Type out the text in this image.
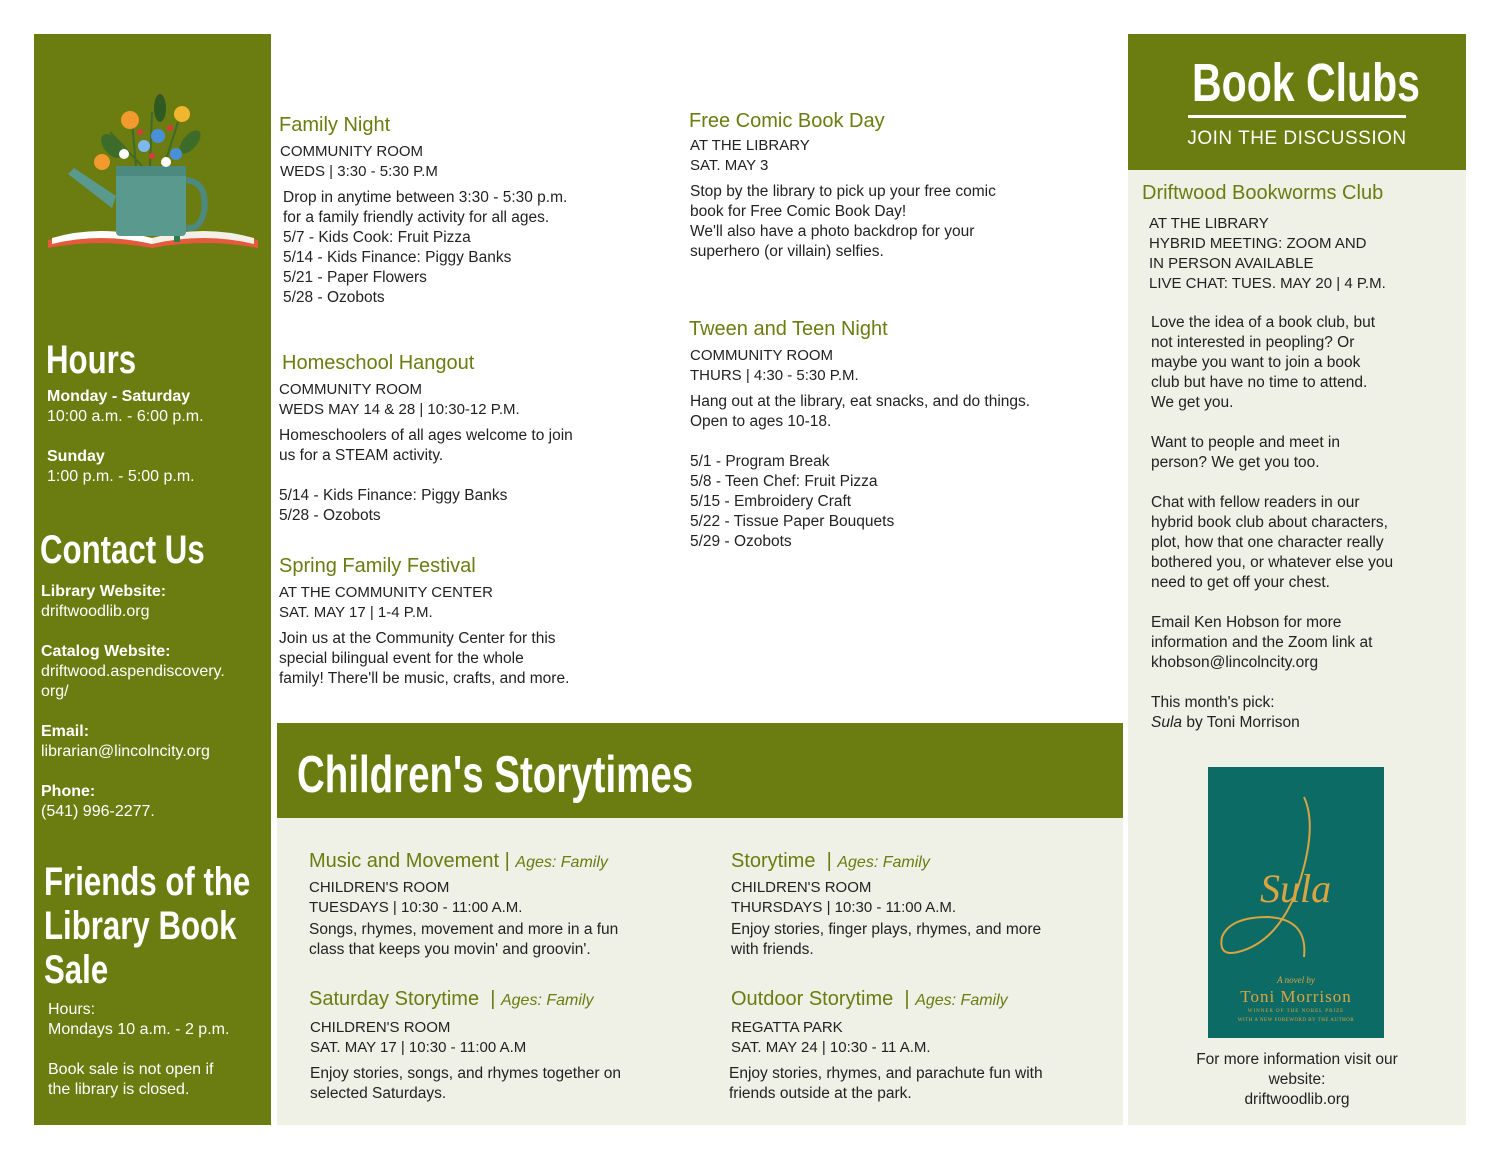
Hours
Monday - Saturday
10:00 a.m. - 6:00 p.m.
Sunday
1:00 p.m. - 5:00 p.m.
Contact Us
Library Website:
driftwoodlib.org
Catalog Website:
driftwood.aspendiscovery.
org/
Email:
librarian@lincolncity.org
Phone:
(541) 996-2277.
Friends of the
Library Book
Sale
Hours:
Mondays 10 a.m. - 2 p.m.
Book sale is not open if
the library is closed.
Family Night
COMMUNITY ROOM
WEDS | 3:30 - 5:30 P.M
Drop in anytime between 3:30 - 5:30 p.m.
for a family friendly activity for all ages.
5/7 - Kids Cook: Fruit Pizza
5/14 - Kids Finance: Piggy Banks
5/21 - Paper Flowers
5/28 - Ozobots
Homeschool Hangout
COMMUNITY ROOM
WEDS MAY 14 & 28 | 10:30-12 P.M.
Homeschoolers of all ages welcome to join
us for a STEAM activity.
5/14 - Kids Finance: Piggy Banks
5/28 - Ozobots
Spring Family Festival
AT THE COMMUNITY CENTER
SAT. MAY 17 | 1-4 P.M.
Join us at the Community Center for this
special bilingual event for the whole
family! There'll be music, crafts, and more.
Free Comic Book Day
AT THE LIBRARY
SAT. MAY 3
Stop by the library to pick up your free comic
book for Free Comic Book Day!
We'll also have a photo backdrop for your
superhero (or villain) selfies.
Tween and Teen Night
COMMUNITY ROOM
THURS | 4:30 - 5:30 P.M.
Hang out at the library, eat snacks, and do things.
Open to ages 10-18.
5/1 - Program Break
5/8 - Teen Chef: Fruit Pizza
5/15 - Embroidery Craft
5/22 - Tissue Paper Bouquets
5/29 - Ozobots
Children's Storytimes
Music and Movement | Ages: Family
CHILDREN'S ROOM
TUESDAYS | 10:30 - 11:00 A.M.
Songs, rhymes, movement and more in a fun
class that keeps you movin' and groovin'.
Storytime  | Ages: Family
CHILDREN'S ROOM
THURSDAYS | 10:30 - 11:00 A.M.
Enjoy stories, finger plays, rhymes, and more
with friends.
Saturday Storytime  | Ages: Family
CHILDREN'S ROOM
SAT. MAY 17 | 10:30 - 11:00 A.M
Enjoy stories, songs, and rhymes together on
selected Saturdays.
Outdoor Storytime  | Ages: Family
REGATTA PARK
SAT. MAY 24 | 10:30 - 11 A.M.
Enjoy stories, rhymes, and parachute fun with
friends outside at the park.
Book Clubs
JOIN THE DISCUSSION
Driftwood Bookworms Club
AT THE LIBRARY
HYBRID MEETING: ZOOM AND
IN PERSON AVAILABLE
LIVE CHAT: TUES. MAY 20 | 4 P.M.
Love the idea of a book club, but
not interested in peopling? Or
maybe you want to join a book
club but have no time to attend.
We get you.
Want to people and meet in
person? We get you too.
Chat with fellow readers in our
hybrid book club about characters,
plot, how that one character really
bothered you, or whatever else you
need to get off your chest.
Email Ken Hobson for more
information and the Zoom link at
khobson@lincolncity.org
This month's pick:
Sula by Toni Morrison
Sula
A novel by
Toni Morrison
WINNER OF THE NOBEL PRIZE
WITH A NEW FOREWORD BY THE AUTHOR
For more information visit our
website:
driftwoodlib.org
